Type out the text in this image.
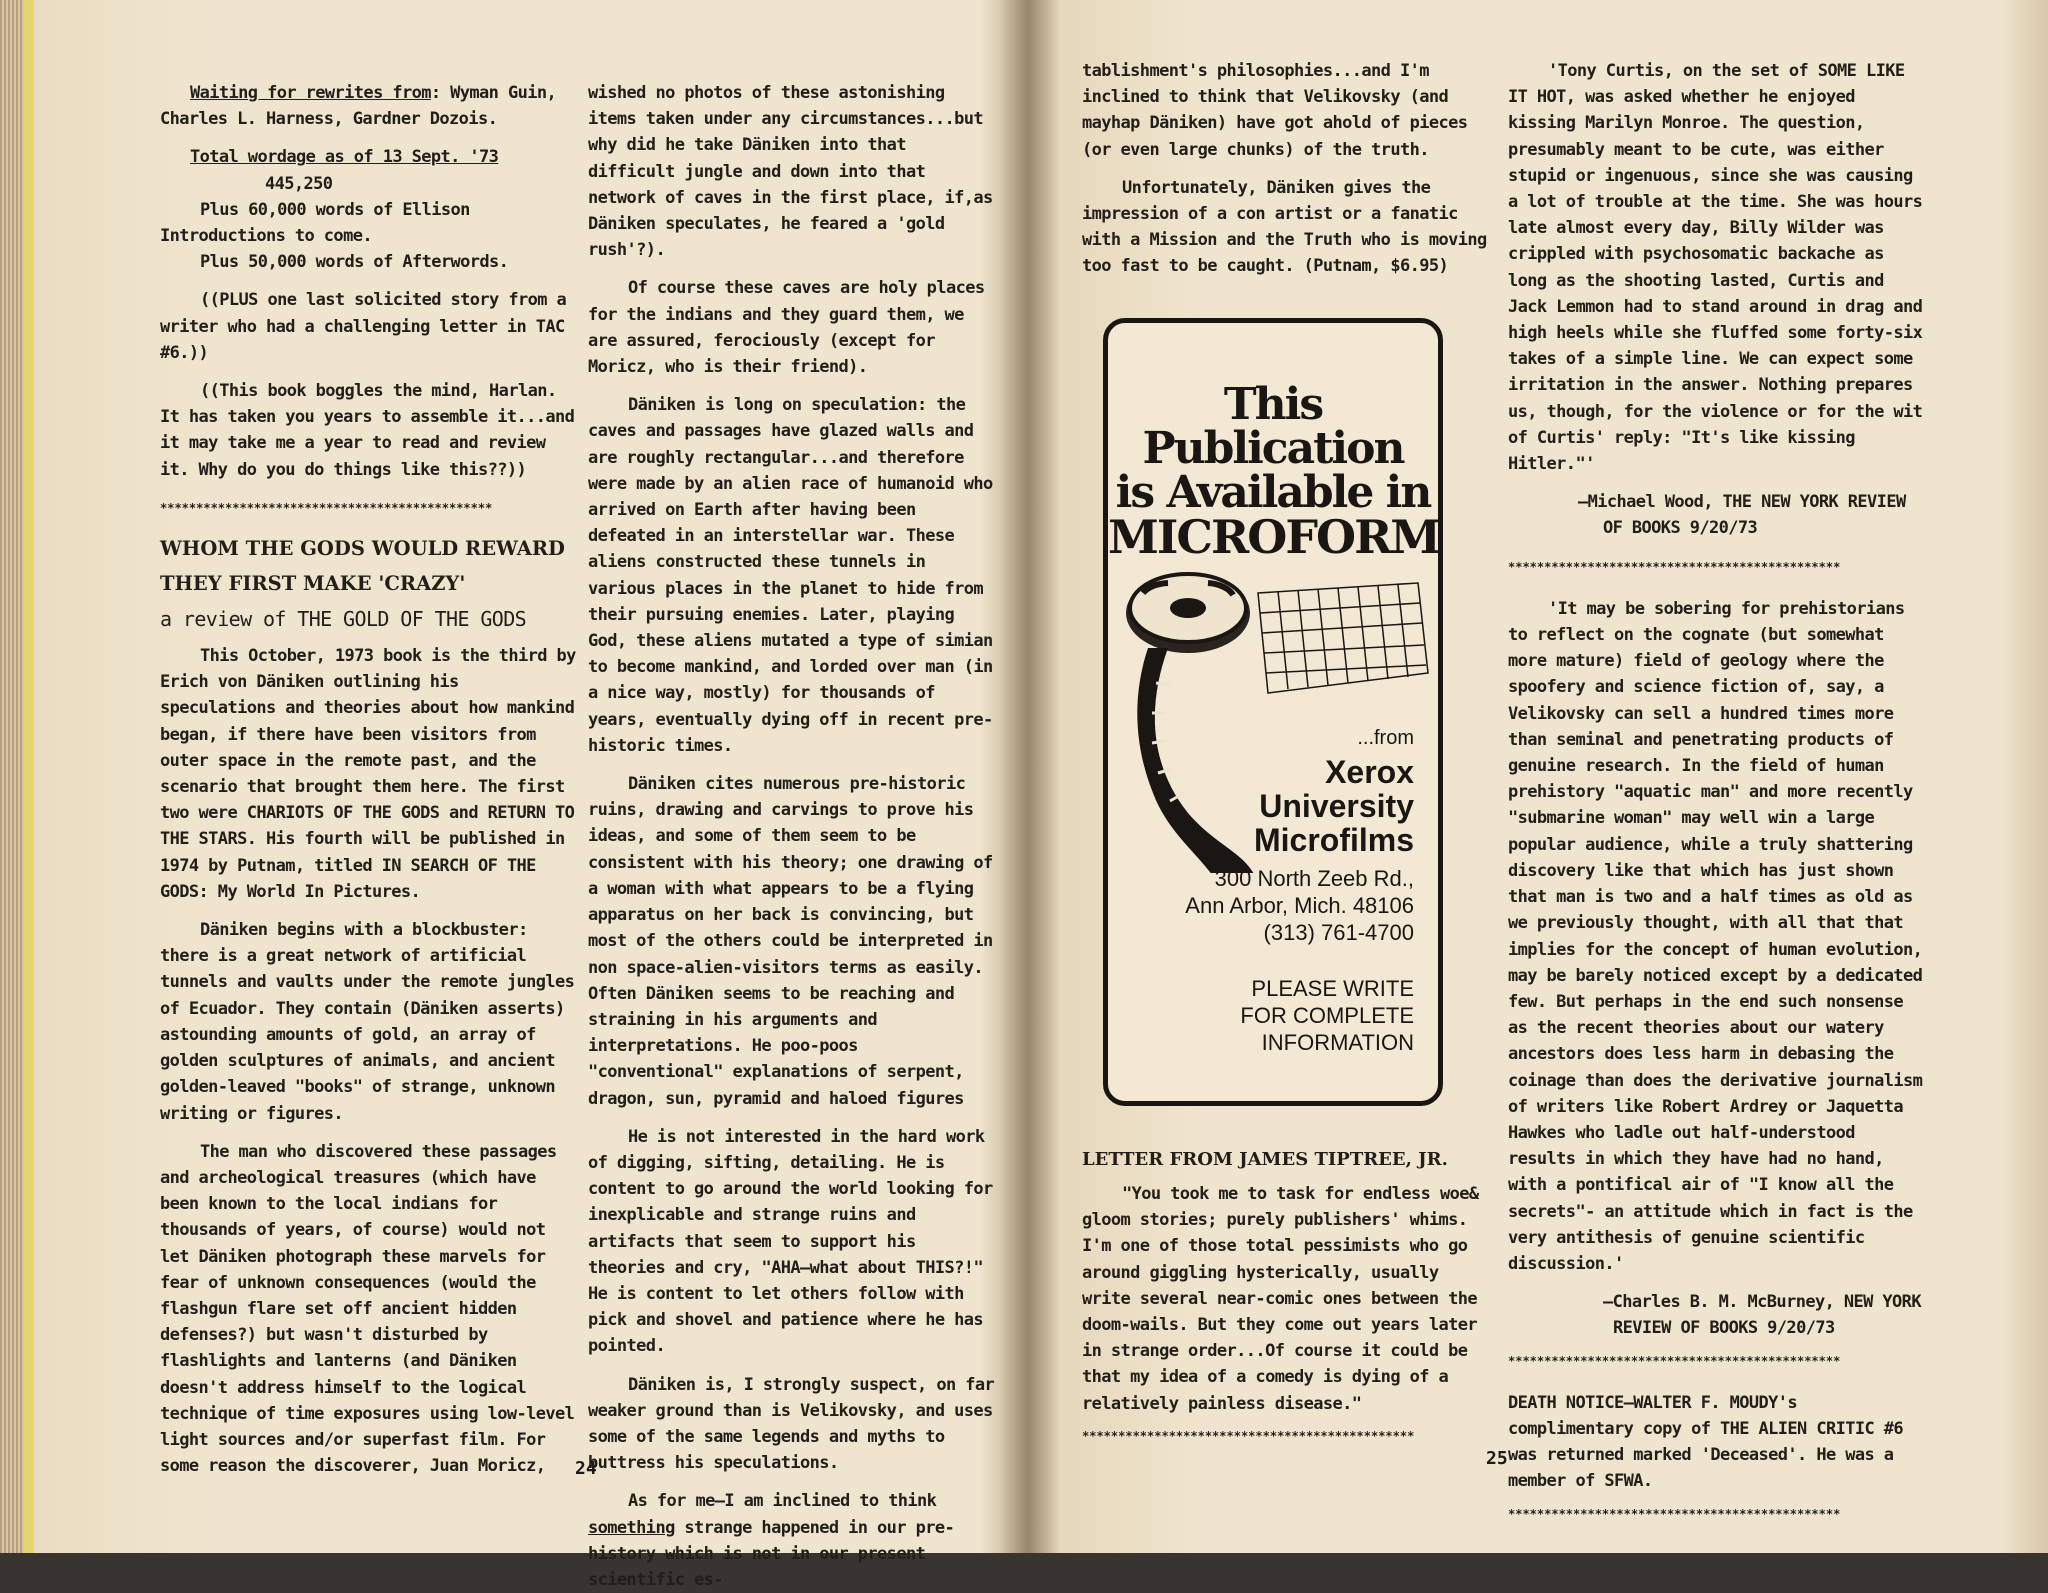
Waiting for rewrites from: Wyman Guin,

Charles L. Harness, Gardner Dozois.

Total wordage as of 13 Sept. '73

445,250

Plus 60,000 words of Ellison Introductions to come.

Plus 50,000 words of Afterwords.

((PLUS one last solicited story from a writer who had a challenging letter in TAC #6.))

((This book boggles the mind, Harlan. It has taken you years to assemble it...and it may take me a year to read and review it. Why do you do things like this??))

**********************************************

WHOM THE GODS WOULD REWARD

THEY FIRST MAKE 'CRAZY'

a review of THE GOLD OF THE GODS

This October, 1973 book is the third by Erich von Däniken outlining his speculations and theories about how mankind began, if there have been visitors from outer space in the remote past, and the scenario that brought them here. The first two were CHARIOTS OF THE GODS and RETURN TO THE STARS. His fourth will be published in 1974 by Putnam, titled IN SEARCH OF THE GODS: My World In Pictures.

Däniken begins with a blockbuster: there is a great network of artificial tunnels and vaults under the remote jungles of Ecuador. They contain (Däniken asserts) astounding amounts of gold, an array of golden sculptures of animals, and ancient golden-leaved "books" of strange, unknown writing or figures.

The man who discovered these passages and archeological treasures (which have been known to the local indians for thousands of years, of course) would not let Däniken photograph these marvels for fear of unknown consequences (would the flashgun flare set off ancient hidden defenses?) but wasn't disturbed by flashlights and lanterns (and Däniken doesn't address himself to the logical technique of time exposures using low-level light sources and/or superfast film. For some reason the discoverer, Juan Moricz,

wished no photos of these astonishing items taken under any circumstances...but why did he take Däniken into that difficult jungle and down into that network of caves in the first place, if,as Däniken speculates, he feared a 'gold rush'?).

Of course these caves are holy places for the indians and they guard them, we are assured, ferociously (except for Moricz, who is their friend).

Däniken is long on speculation: the caves and passages have glazed walls and are roughly rectangular...and therefore were made by an alien race of humanoid who arrived on Earth after having been defeated in an interstellar war. These aliens constructed these tunnels in various places in the planet to hide from their pursuing enemies. Later, playing God, these aliens mutated a type of simian to become mankind, and lorded over man (in a nice way, mostly) for thousands of years, eventually dying off in recent pre-historic times.

Däniken cites numerous pre-historic ruins, drawing and carvings to prove his ideas, and some of them seem to be consistent with his theory; one drawing of a woman with what appears to be a flying apparatus on her back is convincing, but most of the others could be interpreted in non space-alien-visitors terms as easily. Often Däniken seems to be reaching and straining in his arguments and interpretations. He poo-poos "conventional" explanations of serpent, dragon, sun, pyramid and haloed figures

He is not interested in the hard work of digging, sifting, detailing. He is content to go around the world looking for inexplicable and strange ruins and artifacts that seem to support his theories and cry, "AHA—what about THIS?!" He is content to let others follow with pick and shovel and patience where he has pointed.

Däniken is, I strongly suspect, on far weaker ground than is Velikovsky, and uses some of the same legends and myths to buttress his speculations.

As for me—I am inclined to think something strange happened in our pre-history which is not in our present scientific es-

24

tablishment's philosophies...and I'm inclined to think that Velikovsky (and mayhap Däniken) have got ahold of pieces (or even large chunks) of the truth.

Unfortunately, Däniken gives the impression of a con artist or a fanatic with a Mission and the Truth who is moving too fast to be caught. (Putnam, $6.95)

This
Publication
is Available in
MICROFORM
...from
Xerox
University
Microfilms
300 North Zeeb Rd.,
Ann Arbor, Mich. 48106
(313) 761-4700
PLEASE WRITE
FOR COMPLETE
INFORMATION

LETTER FROM JAMES TIPTREE, JR.

"You took me to task for endless woe& gloom stories; purely publishers' whims. I'm one of those total pessimists who go around giggling hysterically, usually write several near-comic ones between the doom-wails. But they come out years later in strange order...Of course it could be that my idea of a comedy is dying of a relatively painless disease."

**********************************************
25

'Tony Curtis, on the set of SOME LIKE IT HOT, was asked whether he enjoyed kissing Marilyn Monroe. The question, presumably meant to be cute, was either stupid or ingenuous, since she was causing a lot of trouble at the time. She was hours late almost every day, Billy Wilder was crippled with psychosomatic backache as long as the shooting lasted, Curtis and Jack Lemmon had to stand around in drag and high heels while she fluffed some forty-six takes of a simple line. We can expect some irritation in the answer. Nothing prepares us, though, for the violence or for the wit of Curtis' reply: "It's like kissing Hitler."'

—Michael Wood, THE NEW YORK REVIEW

OF BOOKS 9/20/73

**********************************************

'It may be sobering for prehistorians to reflect on the cognate (but somewhat more mature) field of geology where the spoofery and science fiction of, say, a Velikovsky can sell a hundred times more than seminal and penetrating products of genuine research. In the field of human prehistory "aquatic man" and more recently "submarine woman" may well win a large popular audience, while a truly shattering discovery like that which has just shown that man is two and a half times as old as we previously thought, with all that that implies for the concept of human evolution, may be barely noticed except by a dedicated few. But perhaps in the end such nonsense as the recent theories about our watery ancestors does less harm in debasing the coinage than does the derivative journalism of writers like Robert Ardrey or Jaquetta Hawkes who ladle out half-understood results in which they have had no hand, with a pontifical air of "I know all the secrets"- an attitude which in fact is the very antithesis of genuine scientific discussion.'

—Charles B. M. McBurney, NEW YORK

REVIEW OF BOOKS 9/20/73

**********************************************

DEATH NOTICE—WALTER F. MOUDY's complimentary copy of THE ALIEN CRITIC #6 was returned marked 'Deceased'. He was a member of SFWA.

**********************************************
